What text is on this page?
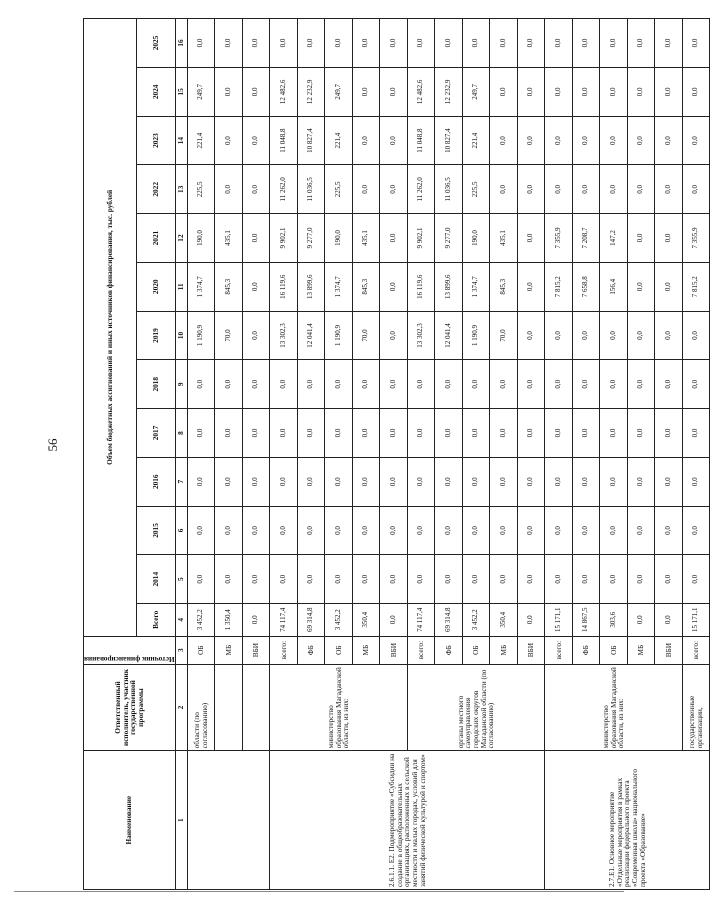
56
Наименование	Ответственный исполнитель, участник государственной программы	Источник финансирования	Объем бюджетных ассигнований и иных источников финансирования, тыс. рублей												
			Всего	2014	2015	2016	2017	2018	2019	2020	2021	2022	2023	2024	2025
1	2	3	4	5	6	7	8	9	10	11	12	13	14	15	16
	области (по согласованию)	ОБ	3 452,2	0,0	0,0	0,0	0,0	0,0	1 190,9	1 374,7	190,0	225,5	221,4	249,7	0,0
		МБ	1 350,4	0,0	0,0	0,0	0,0	0,0	70,0	845,3	435,1	0,0	0,0	0,0	0,0
		ВБИ	0,0	0,0	0,0	0,0	0,0	0,0	0,0	0,0	0,0	0,0	0,0	0,0	0,0
2.6.1.1. Е2. Подмероприятие «Субсидии на создание в общеобразовательных организациях, расположенных в сельской местности и малых городах, условий для занятий физической культурой и спортом»	министерство образования Магаданской области, из них:	всего:	74 117,4	0,0	0,0	0,0	0,0	0,0	13 302,3	16 119,6	9 902,1	11 262,0	11 048,8	12 482,6	0,0
		ФБ	69 314,8	0,0	0,0	0,0	0,0	0,0	12 041,4	13 899,6	9 277,0	11 036,5	10 827,4	12 232,9	0,0
		ОБ	3 452,2	0,0	0,0	0,0	0,0	0,0	1 190,9	1 374,7	190,0	225,5	221,4	249,7	0,0
		МБ	350,4	0,0	0,0	0,0	0,0	0,0	70,0	845,3	435,1	0,0	0,0	0,0	0,0
		ВБИ	0,0	0,0	0,0	0,0	0,0	0,0	0,0	0,0	0,0	0,0	0,0	0,0	0,0
	органы местного самоуправления городских округов Магаданской области (по согласованию)	всего:	74 117,4	0,0	0,0	0,0	0,0	0,0	13 302,3	16 119,6	9 902,1	11 262,0	11 048,8	12 482,6	0,0
		ФБ	69 314,8	0,0	0,0	0,0	0,0	0,0	12 041,4	13 899,6	9 277,0	11 036,5	10 827,4	12 232,9	0,0
		ОБ	3 452,2	0,0	0,0	0,0	0,0	0,0	1 190,9	1 374,7	190,0	225,5	221,4	249,7	0,0
		МБ	350,4	0,0	0,0	0,0	0,0	0,0	70,0	845,3	435,1	0,0	0,0	0,0	0,0
		ВБИ	0,0	0,0	0,0	0,0	0,0	0,0	0,0	0,0	0,0	0,0	0,0	0,0	0,0
2.7.Е1. Основное мероприятие «Отдельные мероприятия в рамках реализации федерального проекта «Современная школа» национального проекта «Образование»	министерство образования Магаданской области, из них:	всего:	15 171,1	0,0	0,0	0,0	0,0	0,0	0,0	7 815,2	7 355,9	0,0	0,0	0,0	0,0
		ФБ	14 867,5	0,0	0,0	0,0	0,0	0,0	0,0	7 658,8	7 208,7	0,0	0,0	0,0	0,0
		ОБ	303,6	0,0	0,0	0,0	0,0	0,0	0,0	156,4	147,2	0,0	0,0	0,0	0,0
		МБ	0,0	0,0	0,0	0,0	0,0	0,0	0,0	0,0	0,0	0,0	0,0	0,0	0,0
		ВБИ	0,0	0,0	0,0	0,0	0,0	0,0	0,0	0,0	0,0	0,0	0,0	0,0	0,0
	государственные организации,	всего:	15 171,1	0,0	0,0	0,0	0,0	0,0	0,0	7 815,2	7 355,9	0,0	0,0	0,0	0,0
